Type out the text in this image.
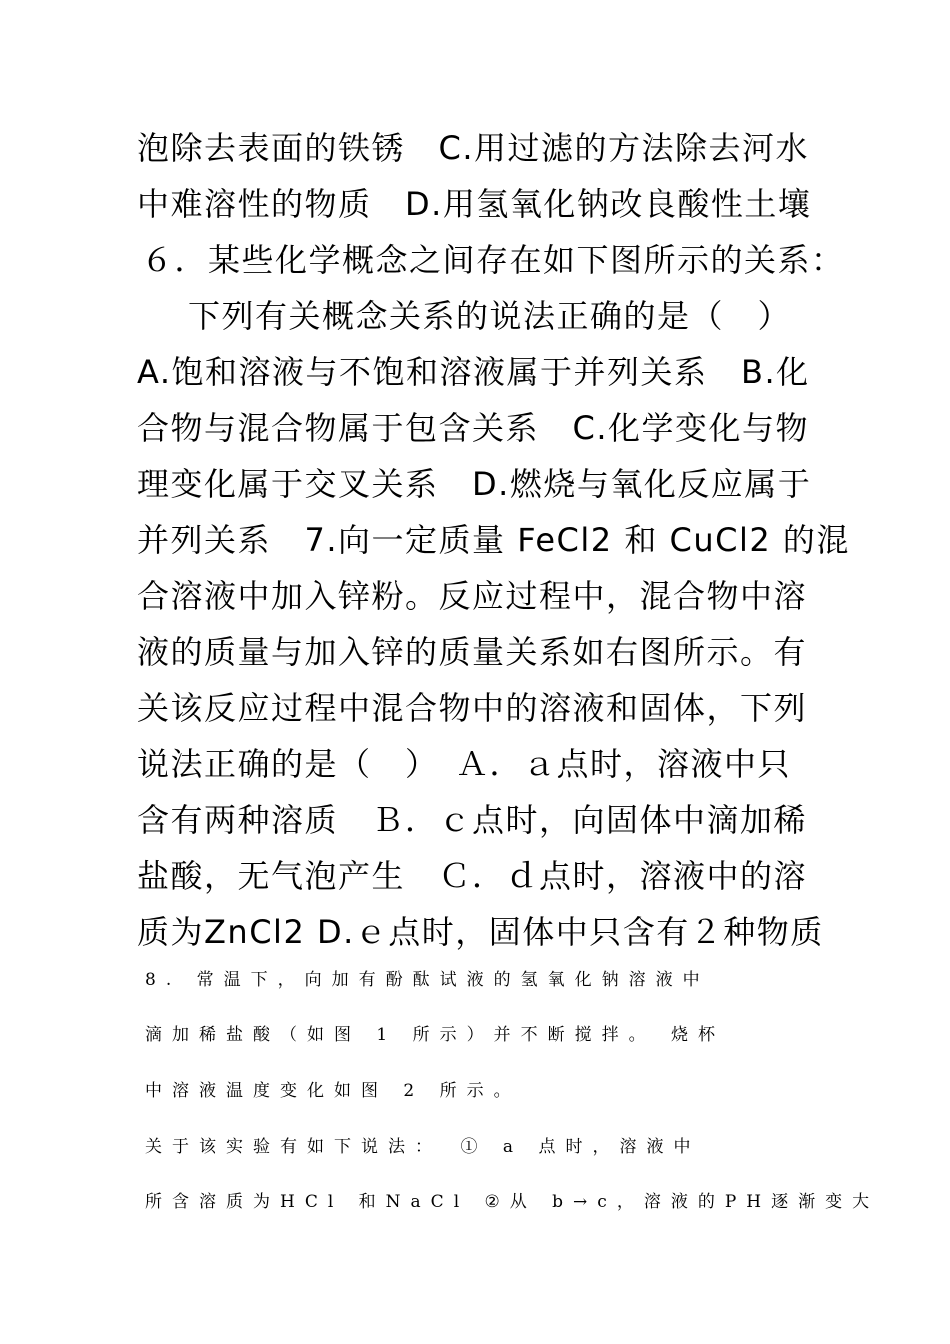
泡除去表面的铁锈　C.用过滤的方法除去河水
中难溶性的物质　D.用氢氧化钠改良酸性土壤
６．某些化学概念之间存在如下图所示的关系：
下列有关概念关系的说法正确的是（　）
A.饱和溶液与不饱和溶液属于并列关系　B.化
合物与混合物属于包含关系　C.化学变化与物
理变化属于交叉关系　D.燃烧与氧化反应属于
并列关系　7.向一定质量 FeCl2 和 CuCl2 的混
合溶液中加入锌粉。反应过程中，混合物中溶
液的质量与加入锌的质量关系如右图所示。有
关该反应过程中混合物中的溶液和固体，下列
说法正确的是（　）　Ａ．ａ点时，溶液中只
含有两种溶质　Ｂ．ｃ点时，向固体中滴加稀
盐酸，无气泡产生　Ｃ．ｄ点时，溶液中的溶
质为ZnCl2 D.ｅ点时，固体中只含有２种物质
8. 常温下，向加有酚酞试液的氢氧化钠溶液中
滴加稀盐酸（如图 1 所示）并不断搅拌。 烧杯
中溶液温度变化如图 2 所示。
关于该实验有如下说法：　① a 点时，溶液中
所含溶质为HCl 和NaCl ②从 b→c，溶液的PH逐渐变大
